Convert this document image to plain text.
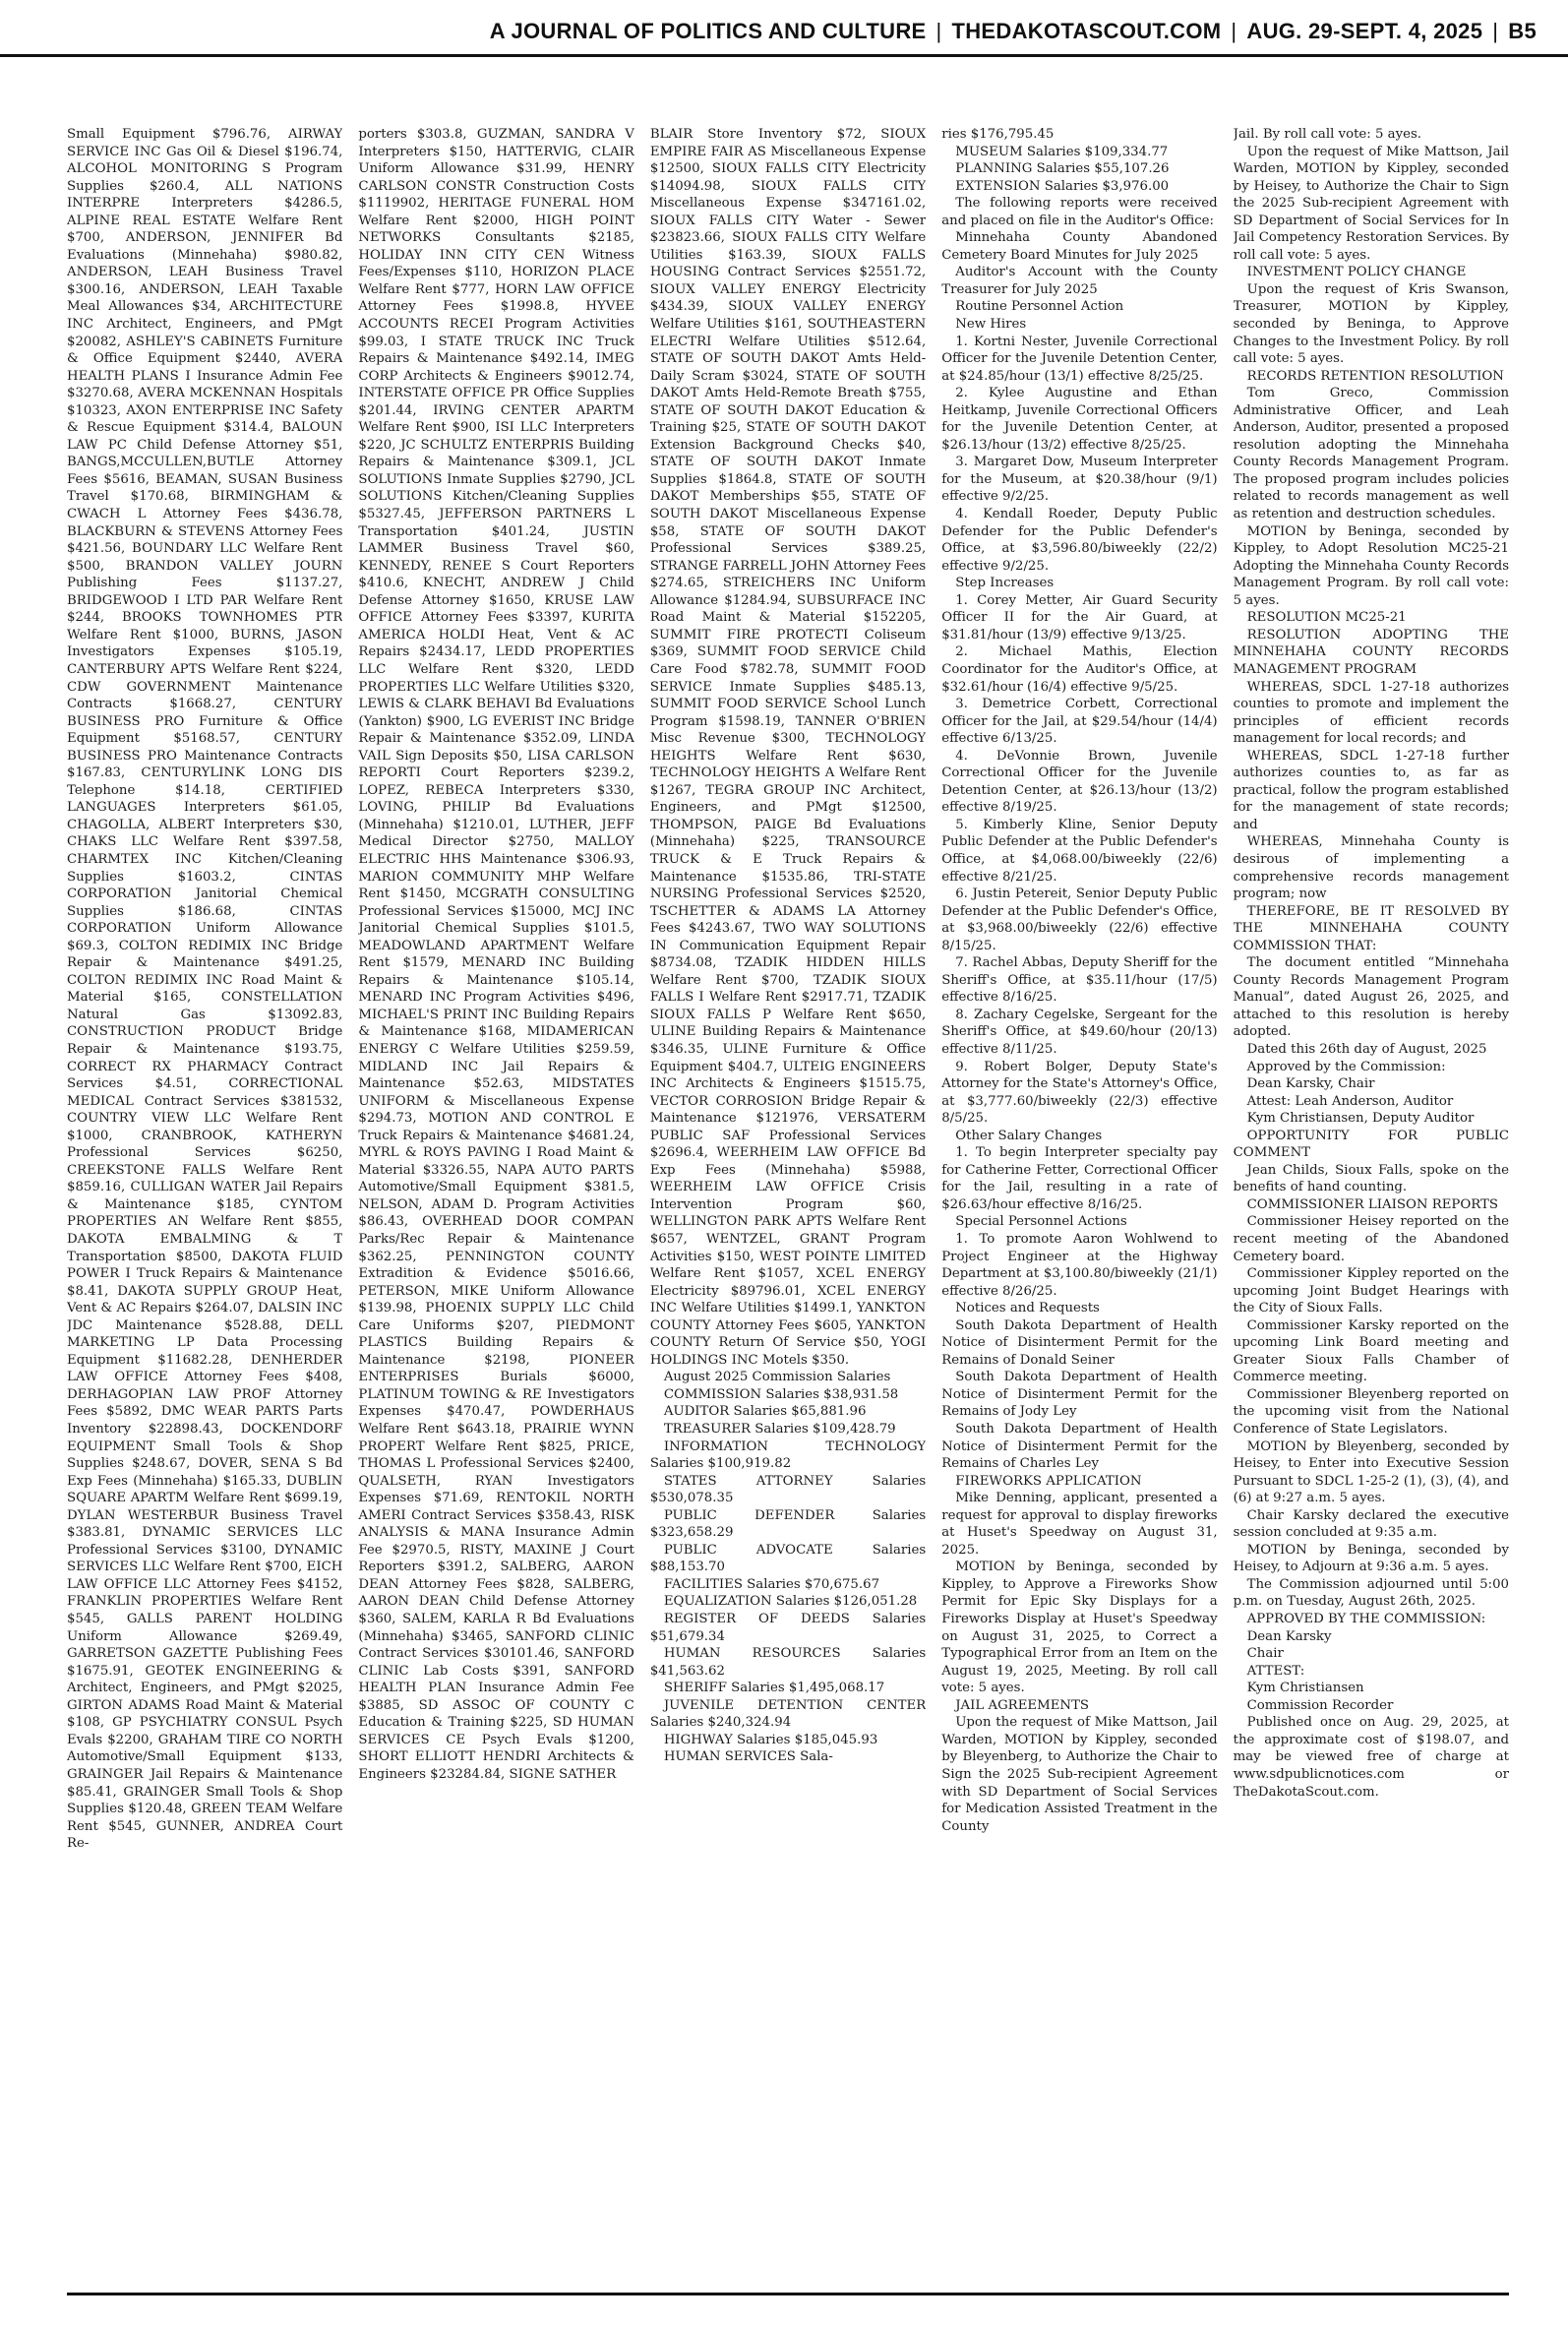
A JOURNAL OF POLITICS AND CULTURE | THEDAKOTASCOUT.COM | AUG. 29-SEPT. 4, 2025 | B5

Small Equipment $796.76, AIRWAY SERVICE INC Gas Oil & Diesel $196.74, ALCOHOL MONITORING S Program Supplies $260.4, ALL NATIONS INTERPRE Interpreters $4286.5, ALPINE REAL ESTATE Welfare Rent $700, ANDERSON, JENNIFER Bd Evaluations (Minnehaha) $980.82, ANDERSON, LEAH Business Travel $300.16, ANDERSON, LEAH Taxable Meal Allowances $34, ARCHITECTURE INC Architect, Engineers, and PMgt $20082, ASHLEY'S CABINETS Furniture & Office Equipment $2440, AVERA HEALTH PLANS I Insurance Admin Fee $3270.68, AVERA MCKENNAN Hospitals $10323, AXON ENTERPRISE INC Safety & Rescue Equipment $314.4, BALOUN LAW PC Child Defense Attorney $51, BANGS,MCCULLEN,BUTLE Attorney Fees $5616, BEAMAN, SUSAN Business Travel $170.68, BIRMINGHAM & CWACH L Attorney Fees $436.78, BLACKBURN & STEVENS Attorney Fees $421.56, BOUNDARY LLC Welfare Rent $500, BRANDON VALLEY JOURN Publishing Fees $1137.27, BRIDGEWOOD I LTD PAR Welfare Rent $244, BROOKS TOWNHOMES PTR Welfare Rent $1000, BURNS, JASON Investigators Expenses $105.19, CANTERBURY APTS Welfare Rent $224, CDW GOVERNMENT Maintenance Contracts $1668.27, CENTURY BUSINESS PRO Furniture & Office Equipment $5168.57, CENTURY BUSINESS PRO Maintenance Contracts $167.83, CENTURYLINK LONG DIS Telephone $14.18, CERTIFIED LANGUAGES Interpreters $61.05, CHAGOLLA, ALBERT Interpreters $30, CHAKS LLC Welfare Rent $397.58, CHARMTEX INC Kitchen/Cleaning Supplies $1603.2, CINTAS CORPORATION Janitorial Chemical Supplies $186.68, CINTAS CORPORATION Uniform Allowance $69.3, COLTON REDIMIX INC Bridge Repair & Maintenance $491.25, COLTON REDIMIX INC Road Maint & Material $165, CONSTELLATION Natural Gas $13092.83, CONSTRUCTION PRODUCT Bridge Repair & Maintenance $193.75, CORRECT RX PHARMACY Contract Services $4.51, CORRECTIONAL MEDICAL Contract Services $381532, COUNTRY VIEW LLC Welfare Rent $1000, CRANBROOK, KATHERYN Professional Services $6250, CREEKSTONE FALLS Welfare Rent $859.16, CULLIGAN WATER Jail Repairs & Maintenance $185, CYNTOM PROPERTIES AN Welfare Rent $855, DAKOTA EMBALMING & T Transportation $8500, DAKOTA FLUID POWER I Truck Repairs & Maintenance $8.41, DAKOTA SUPPLY GROUP Heat, Vent & AC Repairs $264.07, DALSIN INC JDC Maintenance $528.88, DELL MARKETING LP Data Processing Equipment $11682.28, DENHERDER LAW OFFICE Attorney Fees $408, DERHAGOPIAN LAW PROF Attorney Fees $5892, DMC WEAR PARTS Parts Inventory $22898.43, DOCKENDORF EQUIPMENT Small Tools & Shop Supplies $248.67, DOVER, SENA S Bd Exp Fees (Minnehaha) $165.33, DUBLIN SQUARE APARTM Welfare Rent $699.19, DYLAN WESTERBUR Business Travel $383.81, DYNAMIC SERVICES LLC Professional Services $3100, DYNAMIC SERVICES LLC Welfare Rent $700, EICH LAW OFFICE LLC Attorney Fees $4152, FRANKLIN PROPERTIES Welfare Rent $545, GALLS PARENT HOLDING Uniform Allowance $269.49, GARRETSON GAZETTE Publishing Fees $1675.91, GEOTEK ENGINEERING & Architect, Engineers, and PMgt $2025, GIRTON ADAMS Road Maint & Material $108, GP PSYCHIATRY CONSUL Psych Evals $2200, GRAHAM TIRE CO NORTH Automotive/Small Equipment $133, GRAINGER Jail Repairs & Maintenance $85.41, GRAINGER Small Tools & Shop Supplies $120.48, GREEN TEAM Welfare Rent $545, GUNNER, ANDREA Court Re-

porters $303.8, GUZMAN, SANDRA V Interpreters $150, HATTERVIG, CLAIR Uniform Allowance $31.99, HENRY CARLSON CONSTR Construction Costs $1119902, HERITAGE FUNERAL HOM Welfare Rent $2000, HIGH POINT NETWORKS Consultants $2185, HOLIDAY INN CITY CEN Witness Fees/Expenses $110, HORIZON PLACE Welfare Rent $777, HORN LAW OFFICE Attorney Fees $1998.8, HYVEE ACCOUNTS RECEI Program Activities $99.03, I STATE TRUCK INC Truck Repairs & Maintenance $492.14, IMEG CORP Architects & Engineers $9012.74, INTERSTATE OFFICE PR Office Supplies $201.44, IRVING CENTER APARTM Welfare Rent $900, ISI LLC Interpreters $220, JC SCHULTZ ENTERPRIS Building Repairs & Maintenance $309.1, JCL SOLUTIONS Inmate Supplies $2790, JCL SOLUTIONS Kitchen/Cleaning Supplies $5327.45, JEFFERSON PARTNERS L Transportation $401.24, JUSTIN LAMMER Business Travel $60, KENNEDY, RENEE S Court Reporters $410.6, KNECHT, ANDREW J Child Defense Attorney $1650, KRUSE LAW OFFICE Attorney Fees $3397, KURITA AMERICA HOLDI Heat, Vent & AC Repairs $2434.17, LEDD PROPERTIES LLC Welfare Rent $320, LEDD PROPERTIES LLC Welfare Utilities $320, LEWIS & CLARK BEHAVI Bd Evaluations (Yankton) $900, LG EVERIST INC Bridge Repair & Maintenance $352.09, LINDA VAIL Sign Deposits $50, LISA CARLSON REPORTI Court Reporters $239.2, LOPEZ, REBECA Interpreters $330, LOVING, PHILIP Bd Evaluations (Minnehaha) $1210.01, LUTHER, JEFF Medical Director $2750, MALLOY ELECTRIC HHS Maintenance $306.93, MARION COMMUNITY MHP Welfare Rent $1450, MCGRATH CONSULTING Professional Services $15000, MCJ INC Janitorial Chemical Supplies $101.5, MEADOWLAND APARTMENT Welfare Rent $1579, MENARD INC Building Repairs & Maintenance $105.14, MENARD INC Program Activities $496, MICHAEL'S PRINT INC Building Repairs & Maintenance $168, MIDAMERICAN ENERGY C Welfare Utilities $259.59, MIDLAND INC Jail Repairs & Maintenance $52.63, MIDSTATES UNIFORM & Miscellaneous Expense $294.73, MOTION AND CONTROL E Truck Repairs & Maintenance $4681.24, MYRL & ROYS PAVING I Road Maint & Material $3326.55, NAPA AUTO PARTS Automotive/Small Equipment $381.5, NELSON, ADAM D. Program Activities $86.43, OVERHEAD DOOR COMPAN Parks/Rec Repair & Maintenance $362.25, PENNINGTON COUNTY Extradition & Evidence $5016.66, PETERSON, MIKE Uniform Allowance $139.98, PHOENIX SUPPLY LLC Child Care Uniforms $207, PIEDMONT PLASTICS Building Repairs & Maintenance $2198, PIONEER ENTERPRISES Burials $6000, PLATINUM TOWING & RE Investigators Expenses $470.47, POWDERHAUS Welfare Rent $643.18, PRAIRIE WYNN PROPERT Welfare Rent $825, PRICE, THOMAS L Professional Services $2400, QUALSETH, RYAN Investigators Expenses $71.69, RENTOKIL NORTH AMERI Contract Services $358.43, RISK ANALYSIS & MANA Insurance Admin Fee $2970.5, RISTY, MAXINE J Court Reporters $391.2, SALBERG, AARON DEAN Attorney Fees $828, SALBERG, AARON DEAN Child Defense Attorney $360, SALEM, KARLA R Bd Evaluations (Minnehaha) $3465, SANFORD CLINIC Contract Services $30101.46, SANFORD CLINIC Lab Costs $391, SANFORD HEALTH PLAN Insurance Admin Fee $3885, SD ASSOC OF COUNTY C Education & Training $225, SD HUMAN SERVICES CE Psych Evals $1200, SHORT ELLIOTT HENDRI Architects & Engineers $23284.84, SIGNE SATHER

BLAIR Store Inventory $72, SIOUX EMPIRE FAIR AS Miscellaneous Expense $12500, SIOUX FALLS CITY Electricity $14094.98, SIOUX FALLS CITY Miscellaneous Expense $347161.02, SIOUX FALLS CITY Water - Sewer $23823.66, SIOUX FALLS CITY Welfare Utilities $163.39, SIOUX FALLS HOUSING Contract Services $2551.72, SIOUX VALLEY ENERGY Electricity $434.39, SIOUX VALLEY ENERGY Welfare Utilities $161, SOUTHEASTERN ELECTRI Welfare Utilities $512.64, STATE OF SOUTH DAKOT Amts Held-Daily Scram $3024, STATE OF SOUTH DAKOT Amts Held-Remote Breath $755, STATE OF SOUTH DAKOT Education & Training $25, STATE OF SOUTH DAKOT Extension Background Checks $40, STATE OF SOUTH DAKOT Inmate Supplies $1864.8, STATE OF SOUTH DAKOT Memberships $55, STATE OF SOUTH DAKOT Miscellaneous Expense $58, STATE OF SOUTH DAKOT Professional Services $389.25, STRANGE FARRELL JOHN Attorney Fees $274.65, STREICHERS INC Uniform Allowance $1284.94, SUBSURFACE INC Road Maint & Material $152205, SUMMIT FIRE PROTECTI Coliseum $369, SUMMIT FOOD SERVICE Child Care Food $782.78, SUMMIT FOOD SERVICE Inmate Supplies $485.13, SUMMIT FOOD SERVICE School Lunch Program $1598.19, TANNER O'BRIEN Misc Revenue $300, TECHNOLOGY HEIGHTS Welfare Rent $630, TECHNOLOGY HEIGHTS A Welfare Rent $1267, TEGRA GROUP INC Architect, Engineers, and PMgt $12500, THOMPSON, PAIGE Bd Evaluations (Minnehaha) $225, TRANSOURCE TRUCK & E Truck Repairs & Maintenance $1535.86, TRI-STATE NURSING Professional Services $2520, TSCHETTER & ADAMS LA Attorney Fees $4243.67, TWO WAY SOLUTIONS IN Communication Equipment Repair $8734.08, TZADIK HIDDEN HILLS Welfare Rent $700, TZADIK SIOUX FALLS I Welfare Rent $2917.71, TZADIK SIOUX FALLS P Welfare Rent $650, ULINE Building Repairs & Maintenance $346.35, ULINE Furniture & Office Equipment $404.7, ULTEIG ENGINEERS INC Architects & Engineers $1515.75, VECTOR CORROSION Bridge Repair & Maintenance $121976, VERSATERM PUBLIC SAF Professional Services $2696.4, WEERHEIM LAW OFFICE Bd Exp Fees (Minnehaha) $5988, WEERHEIM LAW OFFICE Crisis Intervention Program $60, WELLINGTON PARK APTS Welfare Rent $657, WENTZEL, GRANT Program Activities $150, WEST POINTE LIMITED Welfare Rent $1057, XCEL ENERGY Electricity $89796.01, XCEL ENERGY INC Welfare Utilities $1499.1, YANKTON COUNTY Attorney Fees $605, YANKTON COUNTY Return Of Service $50, YOGI HOLDINGS INC Motels $350.

August 2025 Commission Salaries

COMMISSION Salaries $38,931.58

AUDITOR Salaries $65,881.96

TREASURER Salaries $109,428.79

INFORMATION TECHNOLOGY Salaries $100,919.82

STATES ATTORNEY Salaries $530,078.35

PUBLIC DEFENDER Salaries $323,658.29

PUBLIC ADVOCATE Salaries $88,153.70

FACILITIES Salaries $70,675.67

EQUALIZATION Salaries $126,051.28

REGISTER OF DEEDS Salaries $51,679.34

HUMAN RESOURCES Salaries $41,563.62

SHERIFF Salaries $1,495,068.17

JUVENILE DETENTION CENTER Salaries $240,324.94

HIGHWAY Salaries $185,045.93

HUMAN SERVICES Sala-

ries $176,795.45

MUSEUM Salaries $109,334.77

PLANNING Salaries $55,107.26

EXTENSION Salaries $3,976.00

The following reports were received and placed on file in the Auditor's Office:

Minnehaha County Abandoned Cemetery Board Minutes for July 2025

Auditor's Account with the County Treasurer for July 2025

Routine Personnel Action

New Hires

1. Kortni Nester, Juvenile Correctional Officer for the Juvenile Detention Center, at $24.85/hour (13/1) effective 8/25/25.

2. Kylee Augustine and Ethan Heitkamp, Juvenile Correctional Officers for the Juvenile Detention Center, at $26.13/hour (13/2) effective 8/25/25.

3. Margaret Dow, Museum Interpreter for the Museum, at $20.38/hour (9/1) effective 9/2/25.

4. Kendall Roeder, Deputy Public Defender for the Public Defender's Office, at $3,596.80/biweekly (22/2) effective 9/2/25.

Step Increases

1. Corey Metter, Air Guard Security Officer II for the Air Guard, at $31.81/hour (13/9) effective 9/13/25.

2. Michael Mathis, Election Coordinator for the Auditor's Office, at $32.61/hour (16/4) effective 9/5/25.

3. Demetrice Corbett, Correctional Officer for the Jail, at $29.54/hour (14/4) effective 6/13/25.

4. DeVonnie Brown, Juvenile Correctional Officer for the Juvenile Detention Center, at $26.13/hour (13/2) effective 8/19/25.

5. Kimberly Kline, Senior Deputy Public Defender at the Public Defender's Office, at $4,068.00/biweekly (22/6) effective 8/21/25.

6. Justin Petereit, Senior Deputy Public Defender at the Public Defender's Office, at $3,968.00/biweekly (22/6) effective 8/15/25.

7. Rachel Abbas, Deputy Sheriff for the Sheriff's Office, at $35.11/hour (17/5) effective 8/16/25.

8. Zachary Cegelske, Sergeant for the Sheriff's Office, at $49.60/hour (20/13) effective 8/11/25.

9. Robert Bolger, Deputy State's Attorney for the State's Attorney's Office, at $3,777.60/biweekly (22/3) effective 8/5/25.

Other Salary Changes

1. To begin Interpreter specialty pay for Catherine Fetter, Correctional Officer for the Jail, resulting in a rate of $26.63/hour effective 8/16/25.

Special Personnel Actions

1. To promote Aaron Wohlwend to Project Engineer at the Highway Department at $3,100.80/biweekly (21/1) effective 8/26/25.

Notices and Requests

South Dakota Department of Health Notice of Disinterment Permit for the Remains of Donald Seiner

South Dakota Department of Health Notice of Disinterment Permit for the Remains of Jody Ley

South Dakota Department of Health Notice of Disinterment Permit for the Remains of Charles Ley

FIREWORKS APPLICATION

Mike Denning, applicant, presented a request for approval to display fireworks at Huset's Speedway on August 31, 2025.

MOTION by Beninga, seconded by Kippley, to Approve a Fireworks Show Permit for Epic Sky Displays for a Fireworks Display at Huset's Speedway on August 31, 2025, to Correct a Typographical Error from an Item on the August 19, 2025, Meeting. By roll call vote: 5 ayes.

JAIL AGREEMENTS

Upon the request of Mike Mattson, Jail Warden, MOTION by Kippley, seconded by Bleyenberg, to Authorize the Chair to Sign the 2025 Sub-recipient Agreement with SD Department of Social Services for Medication Assisted Treatment in the County

Jail. By roll call vote: 5 ayes.

Upon the request of Mike Mattson, Jail Warden, MOTION by Kippley, seconded by Heisey, to Authorize the Chair to Sign the 2025 Sub-recipient Agreement with SD Department of Social Services for In Jail Competency Restoration Services. By roll call vote: 5 ayes.

INVESTMENT POLICY CHANGE

Upon the request of Kris Swanson, Treasurer, MOTION by Kippley, seconded by Beninga, to Approve Changes to the Investment Policy. By roll call vote: 5 ayes.

RECORDS RETENTION RESOLUTION

Tom Greco, Commission Administrative Officer, and Leah Anderson, Auditor, presented a proposed resolution adopting the Minnehaha County Records Management Program. The proposed program includes policies related to records management as well as retention and destruction schedules.

MOTION by Beninga, seconded by Kippley, to Adopt Resolution MC25-21 Adopting the Minnehaha County Records Management Program. By roll call vote: 5 ayes.

RESOLUTION MC25-21

RESOLUTION ADOPTING THE MINNEHAHA COUNTY RECORDS MANAGEMENT PROGRAM

WHEREAS, SDCL 1-27-18 authorizes counties to promote and implement the principles of efficient records management for local records; and

WHEREAS, SDCL 1-27-18 further authorizes counties to, as far as practical, follow the program established for the management of state records; and

WHEREAS, Minnehaha County is desirous of implementing a comprehensive records management program; now

THEREFORE, BE IT RESOLVED BY THE MINNEHAHA COUNTY COMMISSION THAT:

The document entitled “Minnehaha County Records Management Program Manual”, dated August 26, 2025, and attached to this resolution is hereby adopted.

Dated this 26th day of August, 2025

Approved by the Commission:

Dean Karsky, Chair

Attest: Leah Anderson, Auditor

Kym Christiansen, Deputy Auditor

OPPORTUNITY FOR PUBLIC COMMENT

Jean Childs, Sioux Falls, spoke on the benefits of hand counting.

COMMISSIONER LIAISON REPORTS

Commissioner Heisey reported on the recent meeting of the Abandoned Cemetery board.

Commissioner Kippley reported on the upcoming Joint Budget Hearings with the City of Sioux Falls.

Commissioner Karsky reported on the upcoming Link Board meeting and Greater Sioux Falls Chamber of Commerce meeting.

Commissioner Bleyenberg reported on the upcoming visit from the National Conference of State Legislators.

MOTION by Bleyenberg, seconded by Heisey, to Enter into Executive Session Pursuant to SDCL 1-25-2 (1), (3), (4), and (6) at 9:27 a.m. 5 ayes.

Chair Karsky declared the executive session concluded at 9:35 a.m.

MOTION by Beninga, seconded by Heisey, to Adjourn at 9:36 a.m. 5 ayes.

The Commission adjourned until 5:00 p.m. on Tuesday, August 26th, 2025.

APPROVED BY THE COMMISSION:

Dean Karsky

Chair

ATTEST:

Kym Christiansen

Commission Recorder

Published once on Aug. 29, 2025, at the approximate cost of $198.07, and may be viewed free of charge at www.sdpublicnotices.com or TheDakotaScout.com.
